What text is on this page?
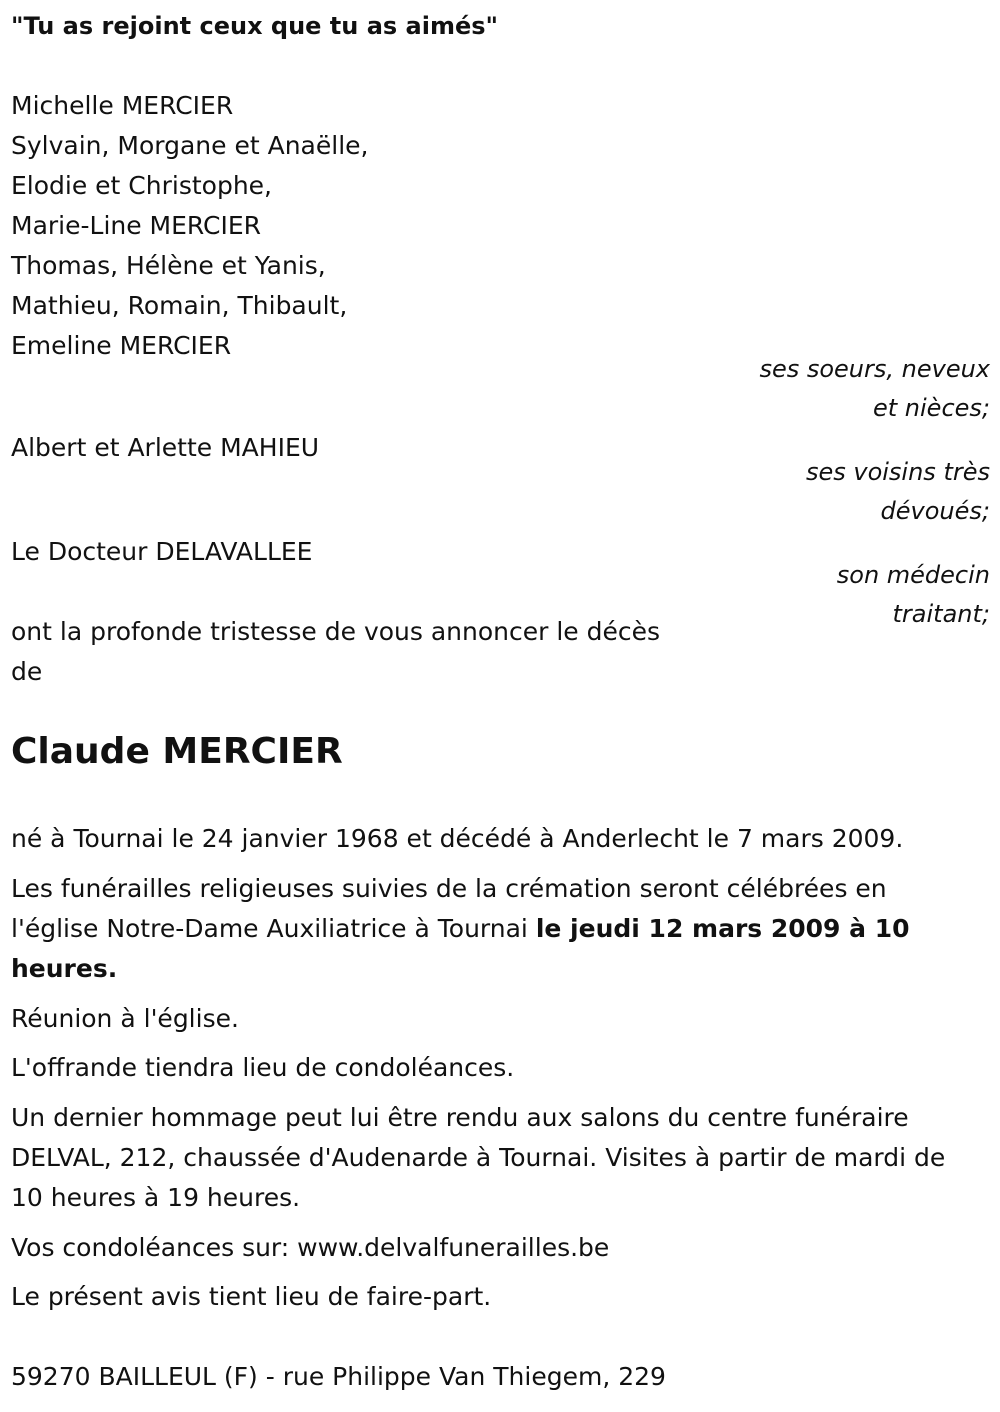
"Tu as rejoint ceux que tu as aimés"

Michelle MERCIER

Sylvain, Morgane et Anaëlle,

Elodie et Christophe,

Marie-Line MERCIER

Thomas, Hélène et Yanis,

Mathieu, Romain, Thibault,

Emeline MERCIER

ses soeurs, neveux
et nièces;

Albert et Arlette MAHIEU

ses voisins très
dévoués;

Le Docteur DELAVALLEE

son médecin
traitant;

ont la profonde tristesse de vous annoncer le décès

de

Claude MERCIER

né à Tournai le 24 janvier 1968 et décédé à Anderlecht le 7 mars 2009.

Les funérailles religieuses suivies de la crémation seront célébrées en l'église Notre-Dame Auxiliatrice à Tournai le jeudi 12 mars 2009 à 10 heures.

Réunion à l'église.

L'offrande tiendra lieu de condoléances.

Un dernier hommage peut lui être rendu aux salons du centre funéraire DELVAL, 212, chaussée d'Audenarde à Tournai. Visites à partir de mardi de 10 heures à 19 heures.

Vos condoléances sur: www.delvalfunerailles.be

Le présent avis tient lieu de faire-part.

59270 BAILLEUL (F) - rue Philippe Van Thiegem, 229
